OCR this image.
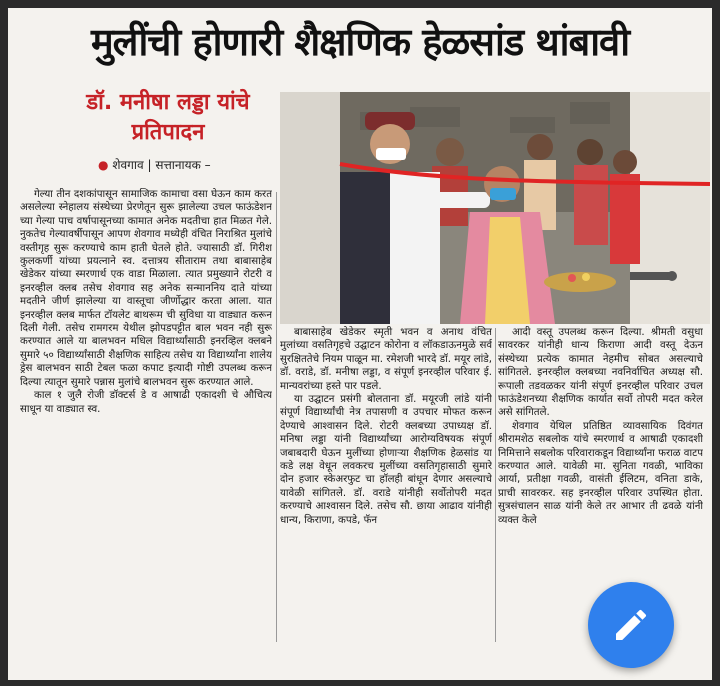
मुलींची होणारी शैक्षणिक हेळसांड थांबावी
डॉ. मनीषा लड्डा यांचे प्रतिपादन
● शेवगाव | सत्तानायक –

गेल्या तीन दशकांपासून सामाजिक कामाचा वसा घेऊन काम करत असलेल्या स्नेहालय संस्थेच्या प्रेरणेतून सुरू झालेल्या उचल फाऊंडेशन च्या गेल्या पाच वर्षापासूनच्या कामात अनेक मदतीचा हात मिळत गेले. नुकतेच गेल्यावर्षीपासून आपण शेवगाव मध्येही वंचित निराश्रित मुलांचे वस्तीगृह सुरू करण्याचे काम हाती घेतले होते. ज्यासाठी डॉ. गिरीश कुलकर्णी यांच्या प्रयत्नाने स्व. दत्तात्रय सीताराम तथा बाबासाहेब खेडेकर यांच्या स्मरणार्थ एक वाडा मिळाला. त्यात प्रमुख्याने रोटरी व इनरव्हील क्लब तसेच शेवगाव सह अनेक सन्माननिय दाते यांच्या मदतीने जीर्ण झालेल्या या वास्तूचा जीर्णोद्धार करता आला. यात इनरव्हील क्लब मार्फत टॉयलेट बाथरूम ची सुविधा या वाड्यात करून दिली गेली. तसेच रामगरम येथील झोपडपट्टीत बाल भवन नही सुरू करण्यात आले या बालभवन मधिल विद्यार्थ्यांसाठी इनरव्हिल क्लबने सुमारे ५० विद्यार्थ्यांसाठी शैक्षणिक साहित्य तसेच या विद्यार्थ्यांना शालेय ड्रेस बालभवन साठी टेबल फळा कपाट इत्यादी गोष्टी उपलब्ध करून दिल्या त्यातून सुमारे पन्नास मुलांचे बालभवन सुरू करण्यात आले.

काल १ जुलै रोजी डॉक्टर्स डे व आषाढी एकादशी चे औचित्य साधून या वाड्यात स्व.

बाबासाहेब खेडेकर स्मृती भवन व अनाथ वंचित मुलांच्या वसतिगृहचे उद्घाटन कोरोना व लॉकडाऊनमुळे सर्व सुरक्षिततेचे नियम पाळून मा. रमेशजी भारदे डॉ. मयूर लांडे, डॉ. वराडे, डॉ. मनीषा लड्डा, व संपूर्ण इनरव्हील परिवार ई. मान्यवरांच्या हस्ते पार पडले.

या उद्घाटन प्रसंगी बोलताना डॉ. मयूरजी लांडे यांनी संपूर्ण विद्यार्थ्यांची नेत्र तपासणी व उपचार मोफत करून देण्याचे आश्वासन दिले. रोटरी क्लबच्या उपाध्यक्ष डॉ. मनिषा लड्डा यांनी विद्यार्थ्यांच्या आरोग्यविषयक संपूर्ण जबाबदारी घेऊन मुलींच्या होणाऱ्या शैक्षणिक हेळसांड या कडे लक्ष वेधून लवकरच मुलींच्या वसतिगृहासाठी सुमारे दोन हजार स्केअरफुट चा हॉलही बांधून देणार असल्याचे यावेळी सांगितले. डॉ. वराडे यांनीही सर्वोतोपरी मदत करण्याचे आश्वासन दिले. तसेच सौ. छाया आढाव यांनीही धान्य, किराणा, कपडे, फॅन

आदी वस्तू उपलब्ध करून दिल्या. श्रीमती वसुधा सावरकर यांनीही धान्य किराणा आदी वस्तू देऊन संस्थेच्या प्रत्येक कामात नेहमीच सोबत असल्याचे सांगितले. इनरव्हील क्लबच्या नवनिर्वाचित अध्यक्ष सौ. रूपाली तडवळकर यांनी संपूर्ण इनरव्हील परिवार उचल फाऊंडेशनच्या शैक्षणिक कार्यात सर्वो तोपरी मदत करेल असे सांगितले.

शेवगाव येथिल प्रतिष्ठित व्यावसायिक दिवंगत श्रीरामशेठ सबलोक यांचे स्मरणार्थ व आषाढी एकादशी निमित्ताने सबलोक परिवाराकडून विद्यार्थ्यांना फराळ वाटप करण्यात आले. यावेळी मा. सुनिता गवळी, भाविका आर्या, प्रतीक्षा गवळी, वासंती ईलिटम, वनिता डाके, प्राची सावरकर. सह इनरव्हील परिवार उपस्थित होता. सुत्रसंचालन साळ यांनी केले तर आभार ती ढवळे यांनी व्यक्त केले
